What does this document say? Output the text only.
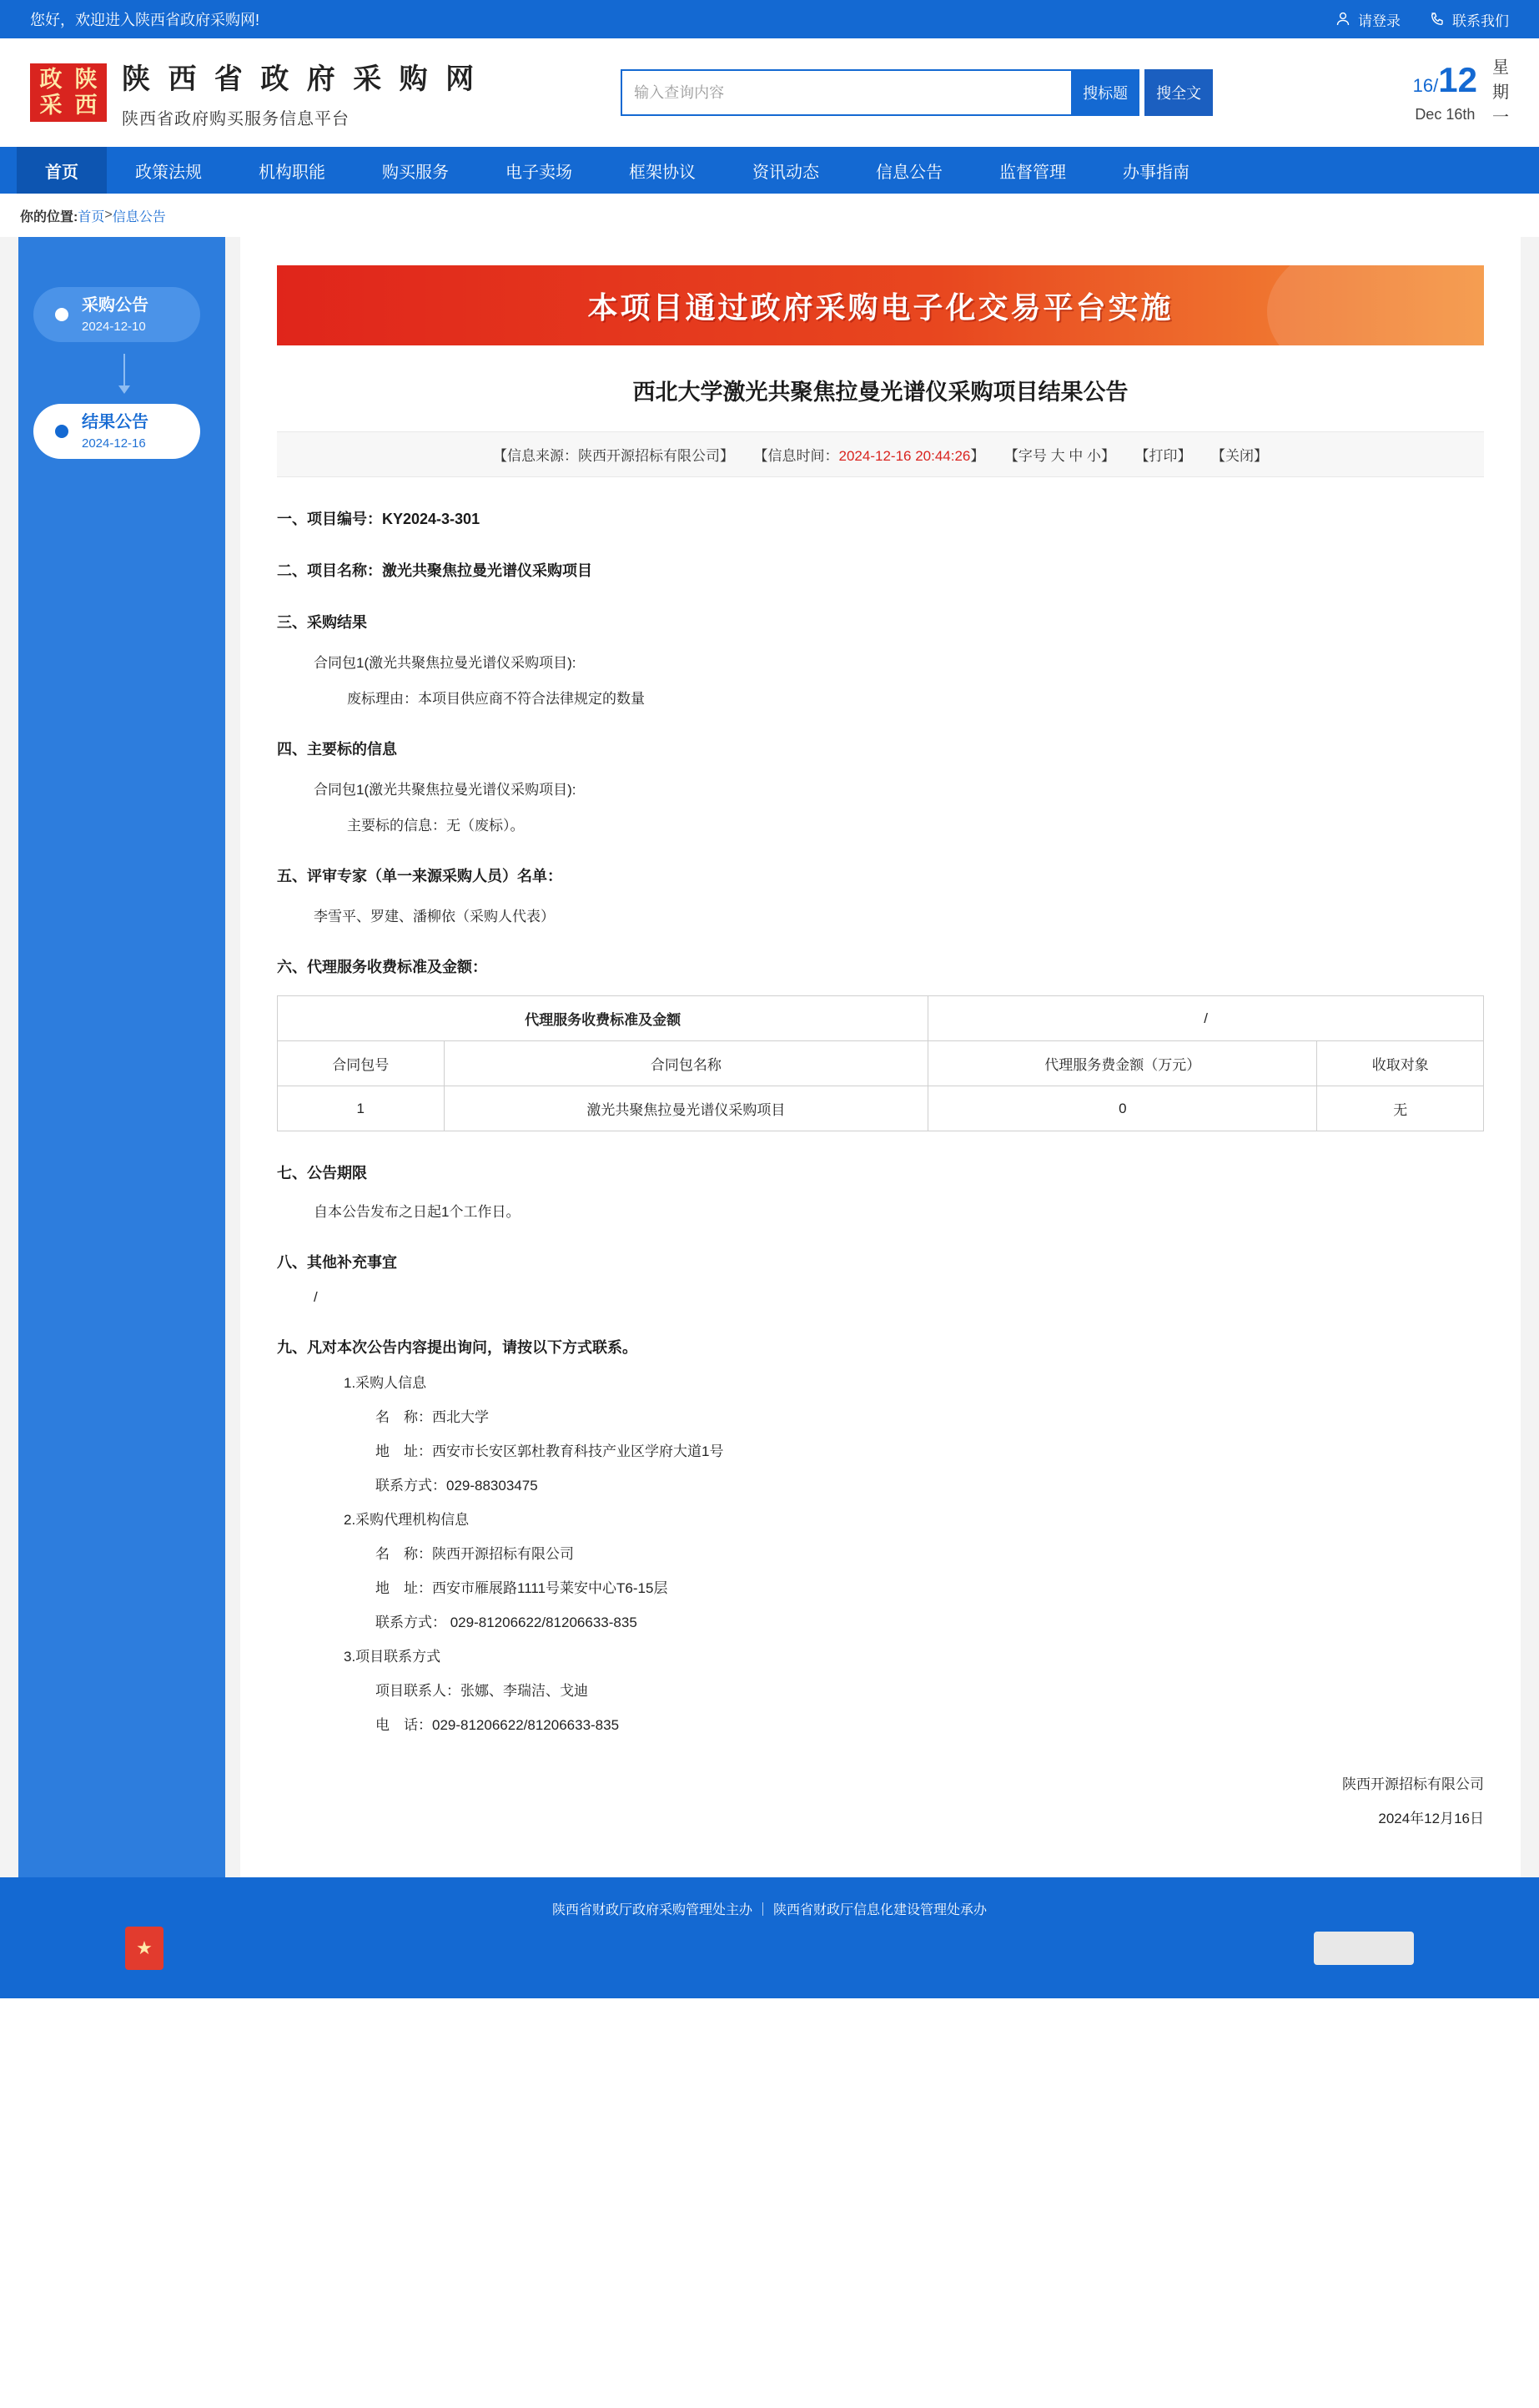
您好，欢迎进入陕西省政府采购网!	请登录	联系我们
政 陕
采 西
陕 西 省 政 府 采 购 网
陕西省政府购买服务信息平台
输入查询内容
搜标题	搜全文	16/12
Dec 16th
星
期
一
首页	政策法规	机构职能	购买服务	电子卖场	框架协议	资讯动态	信息公告	监督管理	办事指南
你的位置: 首页 > 信息公告
采购公告
2024-12-10
结果公告
2024-12-16
本项目通过政府采购电子化交易平台实施
西北大学激光共聚焦拉曼光谱仪采购项目结果公告
【信息来源：陕西开源招标有限公司】 【信息时间：2024-12-16 20:44:26】 【字号 大 中 小】 【打印】 【关闭】
一、项目编号：KY2024-3-301
二、项目名称：激光共聚焦拉曼光谱仪采购项目
三、采购结果
合同包1(激光共聚焦拉曼光谱仪采购项目):
废标理由：本项目供应商不符合法律规定的数量
四、主要标的信息
合同包1(激光共聚焦拉曼光谱仪采购项目):
主要标的信息：无（废标）。
五、评审专家（单一来源采购人员）名单：
李雪平、罗建、潘柳依（采购人代表）
六、代理服务收费标准及金额：
代理服务收费标准及金额		/	
合同包号	合同包名称	代理服务费金额（万元）	收取对象
1	激光共聚焦拉曼光谱仪采购项目	0	无
七、公告期限
自本公告发布之日起1个工作日。
八、其他补充事宜
/
九、凡对本次公告内容提出询问，请按以下方式联系。
1.采购人信息
名　称：西北大学
地　址：西安市长安区郭杜教育科技产业区学府大道1号
联系方式：029-88303475
2.采购代理机构信息
名　称：陕西开源招标有限公司
地　址：西安市雁展路1111号莱安中心T6-15层
联系方式： 029-81206622/81206633-835
3.项目联系方式
项目联系人：张娜、李瑞洁、戈迪
电　话：029-81206622/81206633-835
陕西开源招标有限公司
2024年12月16日
陕西省财政厅政府采购管理处主办 ｜ 陕西省财政厅信息化建设管理处承办
★
